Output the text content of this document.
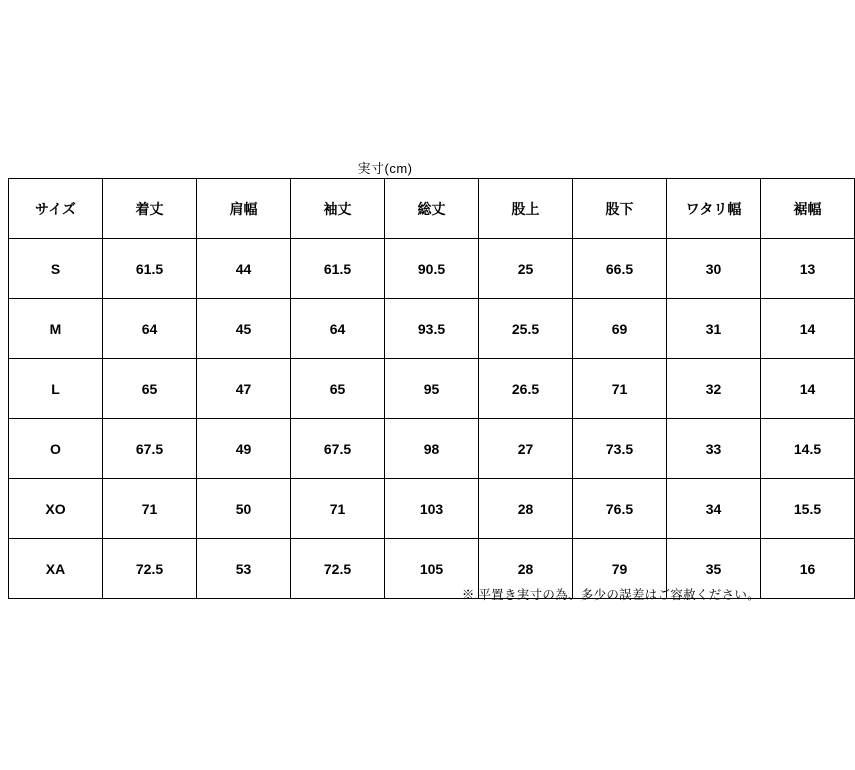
実寸(cm)
サイズ	着丈	肩幅	袖丈	総丈	股上	股下	ワタリ幅	裾幅
S	61.5	44	61.5	90.5	25	66.5	30	13
M	64	45	64	93.5	25.5	69	31	14
L	65	47	65	95	26.5	71	32	14
O	67.5	49	67.5	98	27	73.5	33	14.5
XO	71	50	71	103	28	76.5	34	15.5
XA	72.5	53	72.5	105	28	79	35	16
※ 平置き実寸の為、多少の誤差はご容赦ください。
